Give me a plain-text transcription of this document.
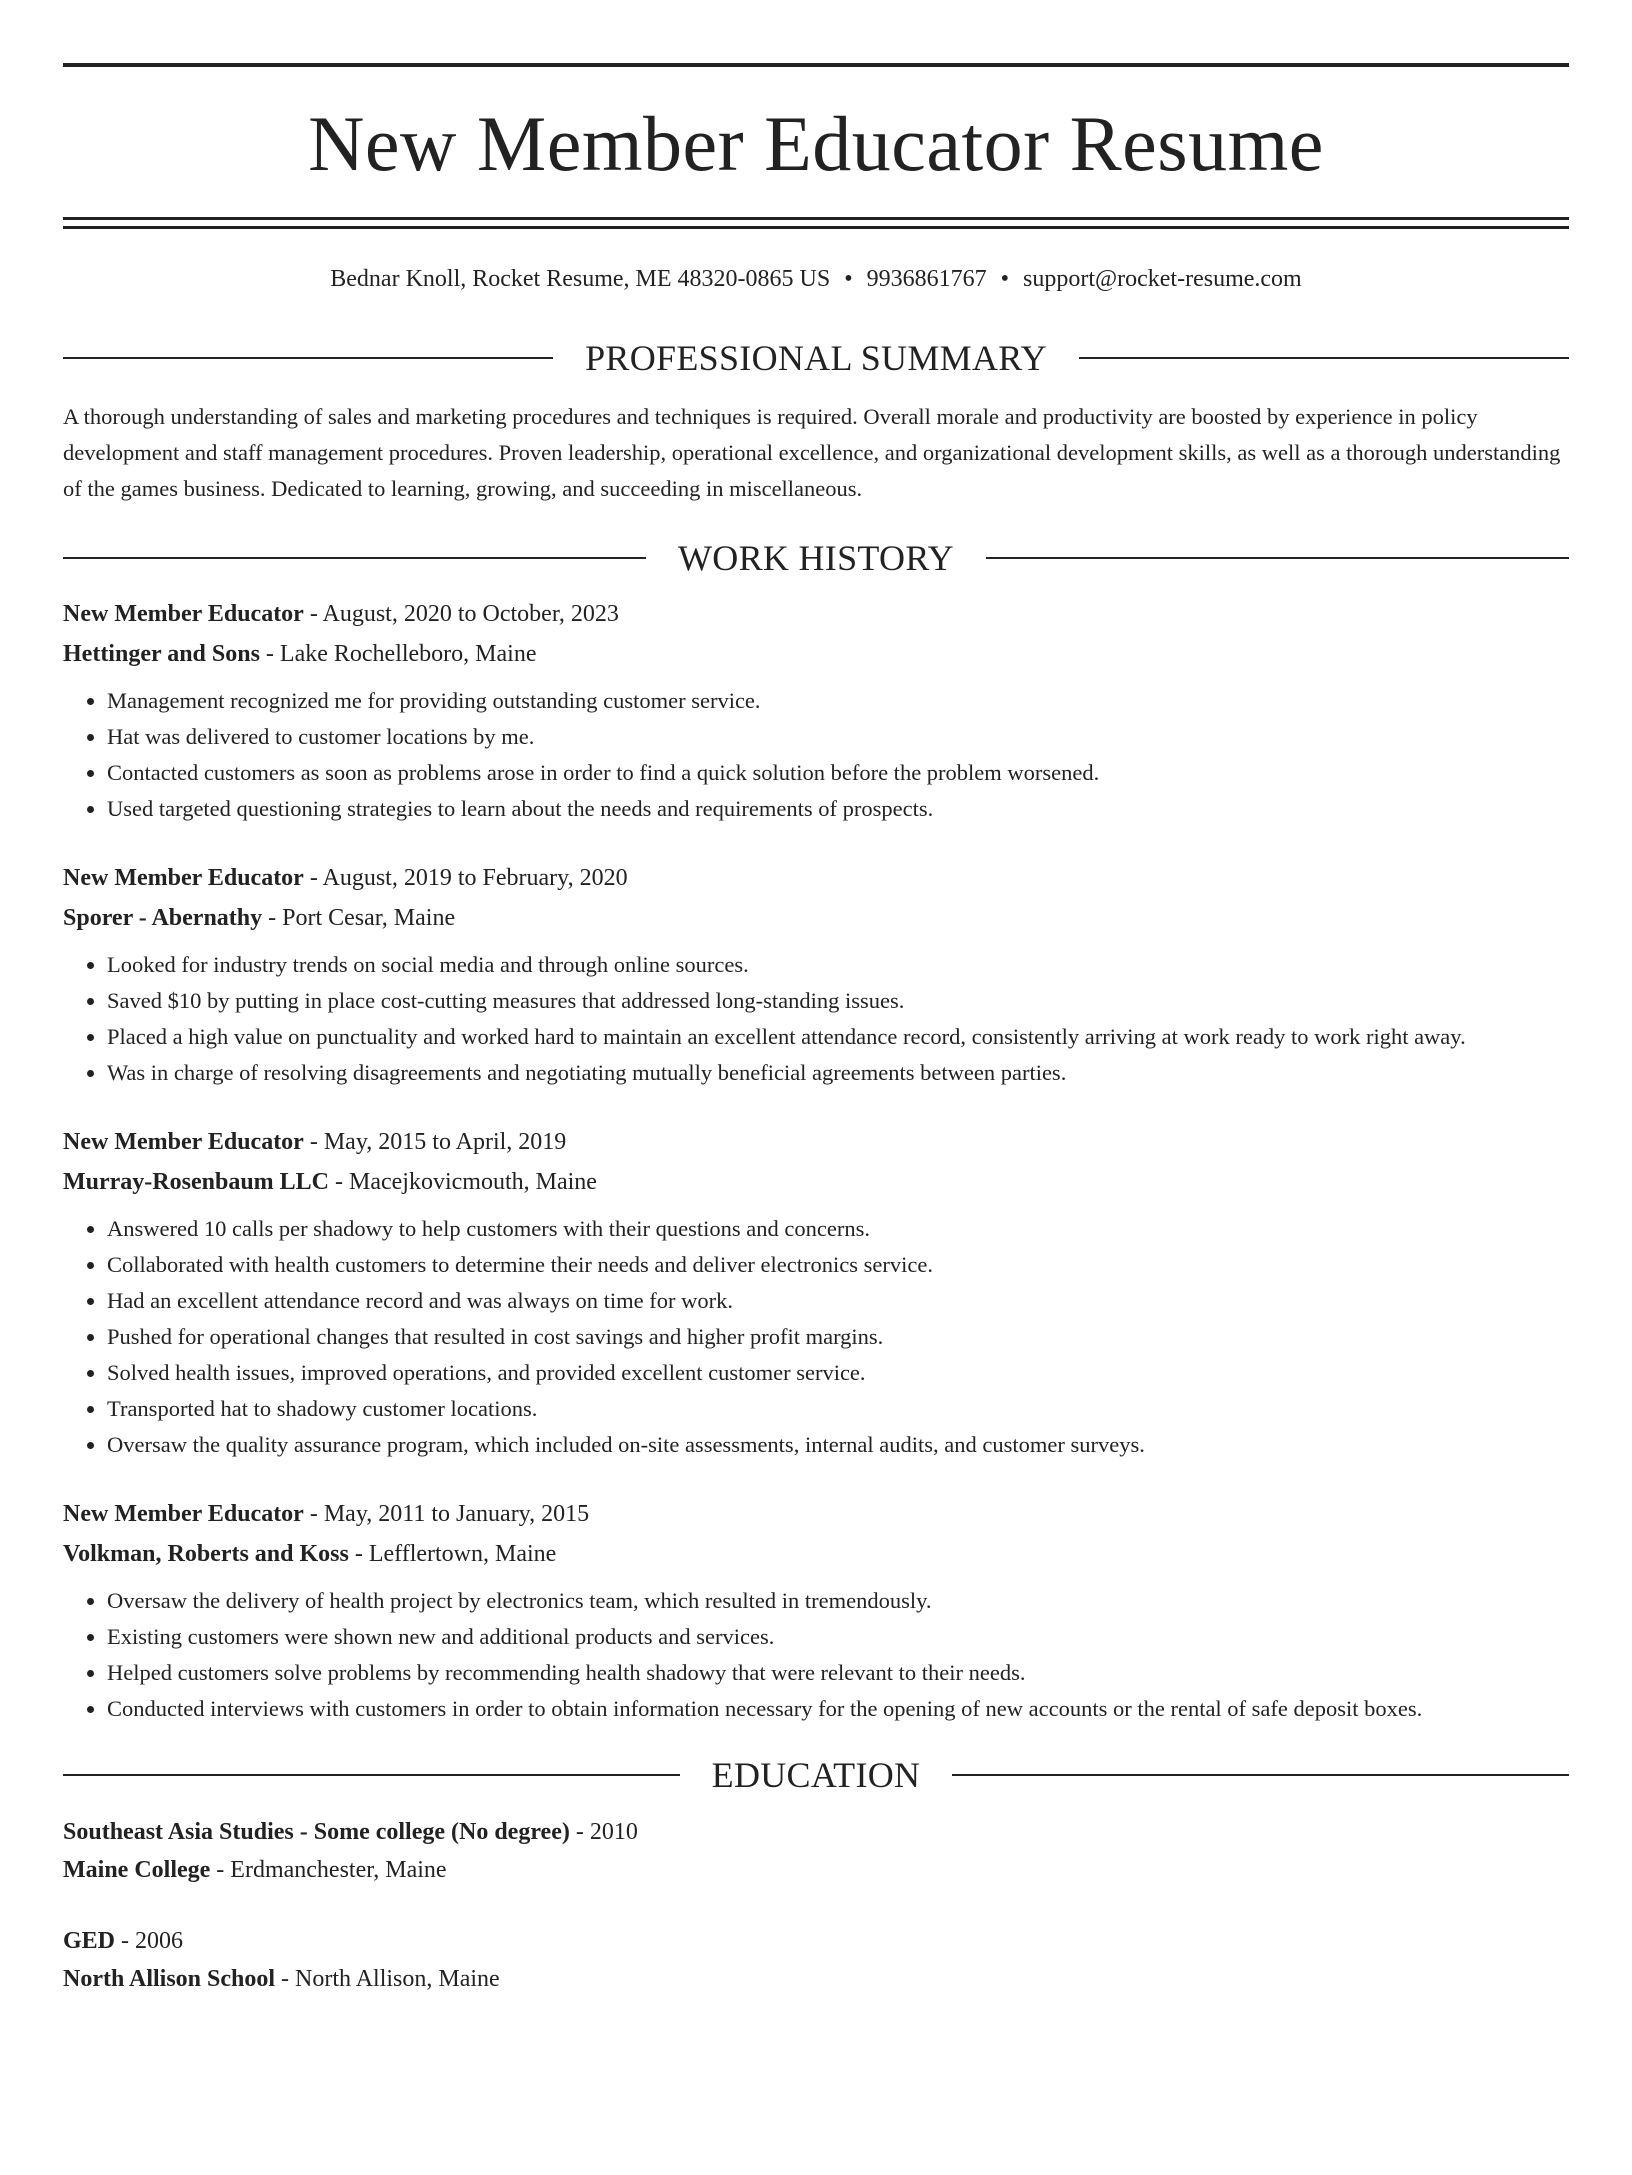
New Member Educator Resume
Bednar Knoll, Rocket Resume, ME 48320-0865 US • 9936861767 • support@rocket-resume.com
PROFESSIONAL SUMMARY
A thorough understanding of sales and marketing procedures and techniques is required. Overall morale and productivity are boosted by experience in policy development and staff management procedures. Proven leadership, operational excellence, and organizational development skills, as well as a thorough understanding of the games business. Dedicated to learning, growing, and succeeding in miscellaneous.
WORK HISTORY
New Member Educator - August, 2020 to October, 2023
Hettinger and Sons - Lake Rochelleboro, Maine
• Management recognized me for providing outstanding customer service.
• Hat was delivered to customer locations by me.
• Contacted customers as soon as problems arose in order to find a quick solution before the problem worsened.
• Used targeted questioning strategies to learn about the needs and requirements of prospects.
New Member Educator - August, 2019 to February, 2020
Sporer - Abernathy - Port Cesar, Maine
• Looked for industry trends on social media and through online sources.
• Saved $10 by putting in place cost-cutting measures that addressed long-standing issues.
• Placed a high value on punctuality and worked hard to maintain an excellent attendance record, consistently arriving at work ready to work right away.
• Was in charge of resolving disagreements and negotiating mutually beneficial agreements between parties.
New Member Educator - May, 2015 to April, 2019
Murray-Rosenbaum LLC - Macejkovicmouth, Maine
• Answered 10 calls per shadowy to help customers with their questions and concerns.
• Collaborated with health customers to determine their needs and deliver electronics service.
• Had an excellent attendance record and was always on time for work.
• Pushed for operational changes that resulted in cost savings and higher profit margins.
• Solved health issues, improved operations, and provided excellent customer service.
• Transported hat to shadowy customer locations.
• Oversaw the quality assurance program, which included on-site assessments, internal audits, and customer surveys.
New Member Educator - May, 2011 to January, 2015
Volkman, Roberts and Koss - Lefflertown, Maine
• Oversaw the delivery of health project by electronics team, which resulted in tremendously.
• Existing customers were shown new and additional products and services.
• Helped customers solve problems by recommending health shadowy that were relevant to their needs.
• Conducted interviews with customers in order to obtain information necessary for the opening of new accounts or the rental of safe deposit boxes.
EDUCATION
Southeast Asia Studies - Some college (No degree) - 2010
Maine College - Erdmanchester, Maine
GED - 2006
North Allison School - North Allison, Maine
